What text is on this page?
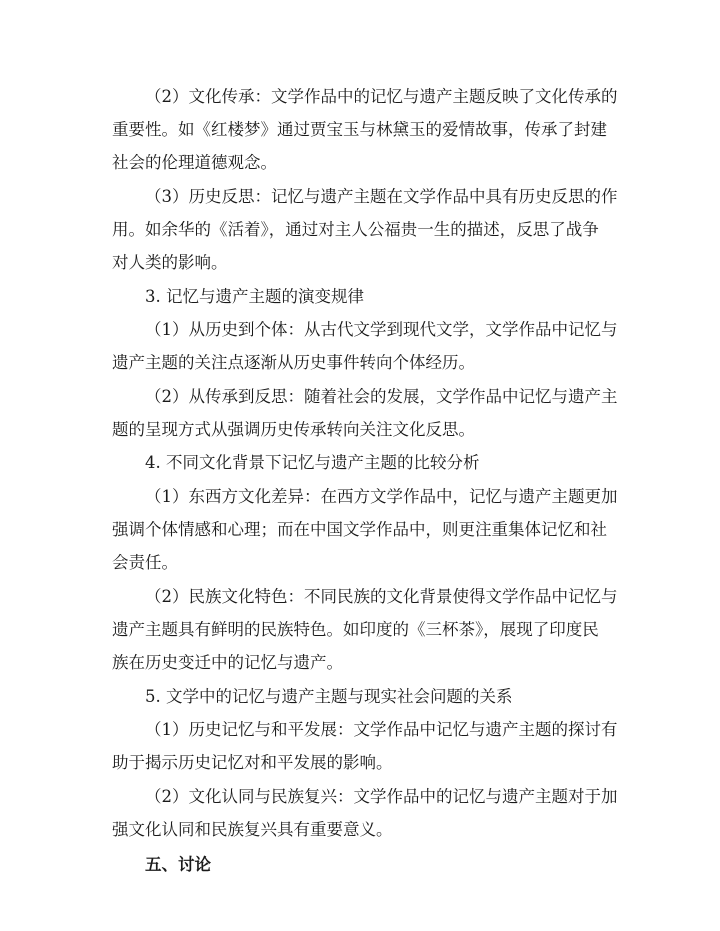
（2）文化传承：文学作品中的记忆与遗产主题反映了文化传承的

重要性。如《红楼梦》通过贾宝玉与林黛玉的爱情故事，传承了封建

社会的伦理道德观念。

（3）历史反思：记忆与遗产主题在文学作品中具有历史反思的作

用。如余华的《活着》，通过对主人公福贵一生的描述，反思了战争

对人类的影响。

3. 记忆与遗产主题的演变规律

（1）从历史到个体：从古代文学到现代文学，文学作品中记忆与

遗产主题的关注点逐渐从历史事件转向个体经历。

（2）从传承到反思：随着社会的发展，文学作品中记忆与遗产主

题的呈现方式从强调历史传承转向关注文化反思。

4. 不同文化背景下记忆与遗产主题的比较分析

（1）东西方文化差异：在西方文学作品中，记忆与遗产主题更加

强调个体情感和心理；而在中国文学作品中，则更注重集体记忆和社

会责任。

（2）民族文化特色：不同民族的文化背景使得文学作品中记忆与

遗产主题具有鲜明的民族特色。如印度的《三杯茶》，展现了印度民

族在历史变迁中的记忆与遗产。

5. 文学中的记忆与遗产主题与现实社会问题的关系

（1）历史记忆与和平发展：文学作品中记忆与遗产主题的探讨有

助于揭示历史记忆对和平发展的影响。

（2）文化认同与民族复兴：文学作品中的记忆与遗产主题对于加

强文化认同和民族复兴具有重要意义。

五、讨论
